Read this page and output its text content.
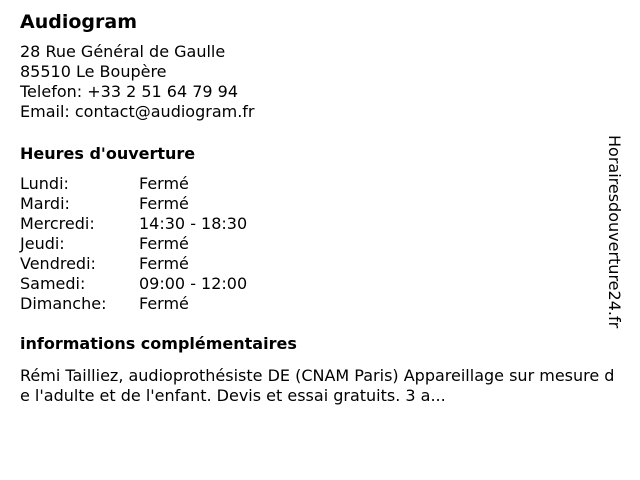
Audiogram
28 Rue Général de Gaulle
85510 Le Boupère
Telefon: +33 2 51 64 79 94
Email: contact@audiogram.fr
Heures d'ouverture
Lundi:	Fermé
Mardi:	Fermé
Mercredi:	14:30 - 18:30
Jeudi:	Fermé
Vendredi:	Fermé
Samedi:	09:00 - 12:00
Dimanche:	Fermé
informations complémentaires
Rémi Tailliez, audioprothésiste DE (CNAM Paris) Appareillage sur mesure de l'adulte et de l'enfant. Devis et essai gratuits. 3 a...
Horairesdouverture24.fr
